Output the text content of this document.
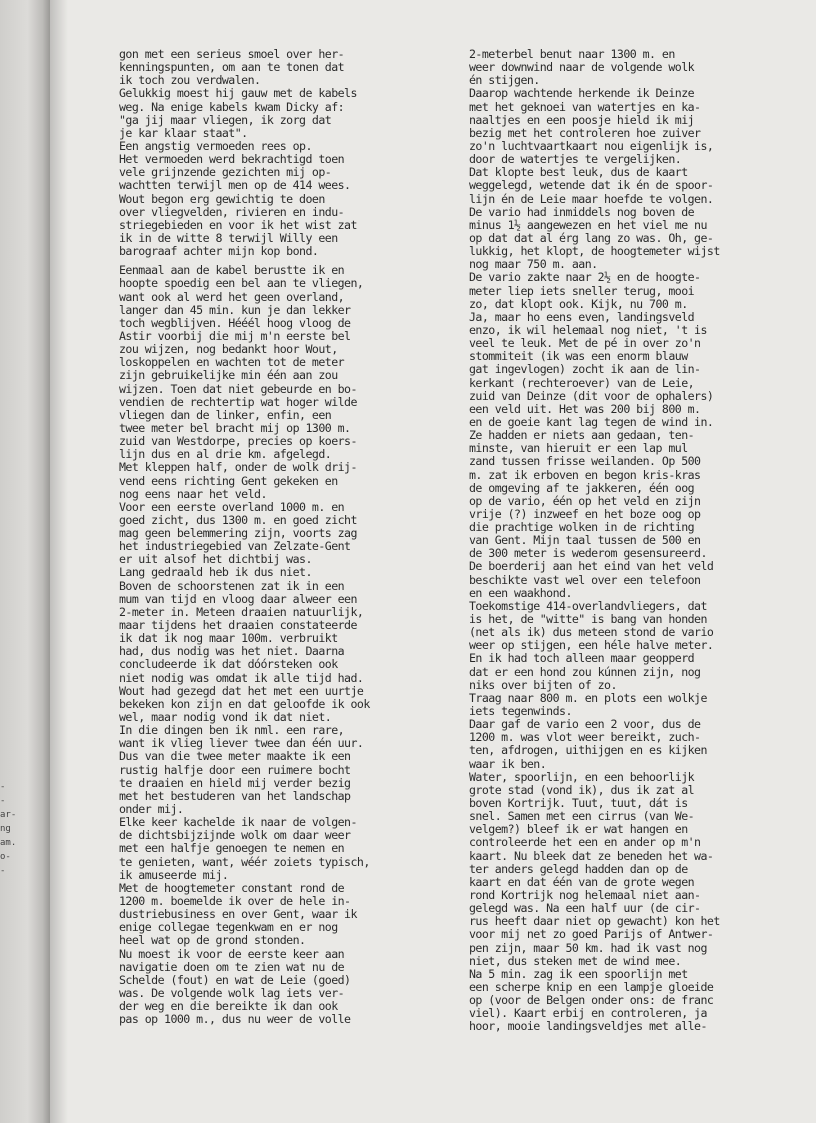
-
-
ar-
ng
am.
o-
-
gon met een serieus smoel over her-
kenningspunten, om aan te tonen dat
ik toch zou verdwalen.
Gelukkig moest hij gauw met de kabels
weg. Na enige kabels kwam Dicky af:
"ga jij maar vliegen, ik zorg dat
je kar klaar staat".
Een angstig vermoeden rees op.
Het vermoeden werd bekrachtigd toen
vele grijnzende gezichten mij op-
wachtten terwijl men op de 414 wees.
Wout begon erg gewichtig te doen
over vliegvelden, rivieren en indu-
striegebieden en voor ik het wist zat
ik in de witte 8 terwijl Willy een
barograaf achter mijn kop bond.
Eenmaal aan de kabel berustte ik en
hoopte spoedig een bel aan te vliegen,
want ook al werd het geen overland,
langer dan 45 min. kun je dan lekker
toch wegblijven. Hééél hoog vloog de
Astir voorbij die mij m'n eerste bel
zou wijzen, nog bedankt hoor Wout,
loskoppelen en wachten tot de meter
zijn gebruikelijke min één aan zou
wijzen. Toen dat niet gebeurde en bo-
vendien de rechtertip wat hoger wilde
vliegen dan de linker, enfin, een
twee meter bel bracht mij op 1300 m.
zuid van Westdorpe, precies op koers-
lijn dus en al drie km. afgelegd.
Met kleppen half, onder de wolk drij-
vend eens richting Gent gekeken en
nog eens naar het veld.
Voor een eerste overland 1000 m. en
goed zicht, dus 1300 m. en goed zicht
mag geen belemmering zijn, voorts zag
het industriegebied van Zelzate-Gent
er uit alsof het dichtbij was.
Lang gedraald heb ik dus niet.
Boven de schoorstenen zat ik in een
mum van tijd en vloog daar alweer een
2-meter in. Meteen draaien natuurlijk,
maar tijdens het draaien constateerde
ik dat ik nog maar 100m. verbruikt
had, dus nodig was het niet. Daarna
concludeerde ik dat dóórsteken ook
niet nodig was omdat ik alle tijd had.
Wout had gezegd dat het met een uurtje
bekeken kon zijn en dat geloofde ik ook
wel, maar nodig vond ik dat niet.
In die dingen ben ik nml. een rare,
want ik vlieg liever twee dan één uur.
Dus van die twee meter maakte ik een
rustig halfje door een ruimere bocht
te draaien en hield mij verder bezig
met het bestuderen van het landschap
onder mij.
Elke keer kachelde ik naar de volgen-
de dichtsbijzijnde wolk om daar weer
met een halfje genoegen te nemen en
te genieten, want, wéér zoiets typisch,
ik amuseerde mij.
Met de hoogtemeter constant rond de
1200 m. boemelde ik over de hele in-
dustriebusiness en over Gent, waar ik
enige collegae tegenkwam en er nog
heel wat op de grond stonden.
Nu moest ik voor de eerste keer aan
navigatie doen om te zien wat nu de
Schelde (fout) en wat de Leie (goed)
was. De volgende wolk lag iets ver-
der weg en die bereikte ik dan ook
pas op 1000 m., dus nu weer de volle
2-meterbel benut naar 1300 m. en
weer downwind naar de volgende wolk
én stijgen.
Daarop wachtende herkende ik Deinze
met het geknoei van watertjes en ka-
naaltjes en een poosje hield ik mij
bezig met het controleren hoe zuiver
zo'n luchtvaartkaart nou eigenlijk is,
door de watertjes te vergelijken.
Dat klopte best leuk, dus de kaart
weggelegd, wetende dat ik én de spoor-
lijn én de Leie maar hoefde te volgen.
De vario had inmiddels nog boven de
minus 1½ aangewezen en het viel me nu
op dat dat al érg lang zo was. Oh, ge-
lukkig, het klopt, de hoogtemeter wijst
nog maar 750 m. aan.
De vario zakte naar 2½ en de hoogte-
meter liep iets sneller terug, mooi
zo, dat klopt ook. Kijk, nu 700 m.
Ja, maar ho eens even, landingsveld
enzo, ik wil helemaal nog niet, 't is
veel te leuk. Met de pé in over zo'n
stommiteit (ik was een enorm blauw
gat ingevlogen) zocht ik aan de lin-
kerkant (rechteroever) van de Leie,
zuid van Deinze (dit voor de ophalers)
een veld uit. Het was 200 bij 800 m.
en de goeie kant lag tegen de wind in.
Ze hadden er niets aan gedaan, ten-
minste, van hieruit er een lap mul
zand tussen frisse weilanden. Op 500
m. zat ik erboven en begon kris-kras
de omgeving af te jakkeren, één oog
op de vario, één op het veld en zijn
vrije (?) inzweef en het boze oog op
die prachtige wolken in de richting
van Gent. Mijn taal tussen de 500 en
de 300 meter is wederom gesensureerd.
De boerderij aan het eind van het veld
beschikte vast wel over een telefoon
en een waakhond.
Toekomstige 414-overlandvliegers, dat
is het, de "witte" is bang van honden
(net als ik) dus meteen stond de vario
weer op stijgen, een héle halve meter.
En ik had toch alleen maar geopperd
dat er een hond zou kúnnen zijn, nog
niks over bijten of zo.
Traag naar 800 m. en plots een wolkje
iets tegenwinds.
Daar gaf de vario een 2 voor, dus de
1200 m. was vlot weer bereikt, zuch-
ten, afdrogen, uithijgen en es kijken
waar ik ben.
Water, spoorlijn, en een behoorlijk
grote stad (vond ik), dus ik zat al
boven Kortrijk. Tuut, tuut, dát is
snel. Samen met een cirrus (van We-
velgem?) bleef ik er wat hangen en
controleerde het een en ander op m'n
kaart. Nu bleek dat ze beneden het wa-
ter anders gelegd hadden dan op de
kaart en dat één van de grote wegen
rond Kortrijk nog helemaal niet aan-
gelegd was. Na een half uur (de cir-
rus heeft daar niet op gewacht) kon het
voor mij net zo goed Parijs of Antwer-
pen zijn, maar 50 km. had ik vast nog
niet, dus steken met de wind mee.
Na 5 min. zag ik een spoorlijn met
een scherpe knip en een lampje gloeide
op (voor de Belgen onder ons: de franc
viel). Kaart erbij en controleren, ja
hoor, mooie landingsveldjes met alle-
